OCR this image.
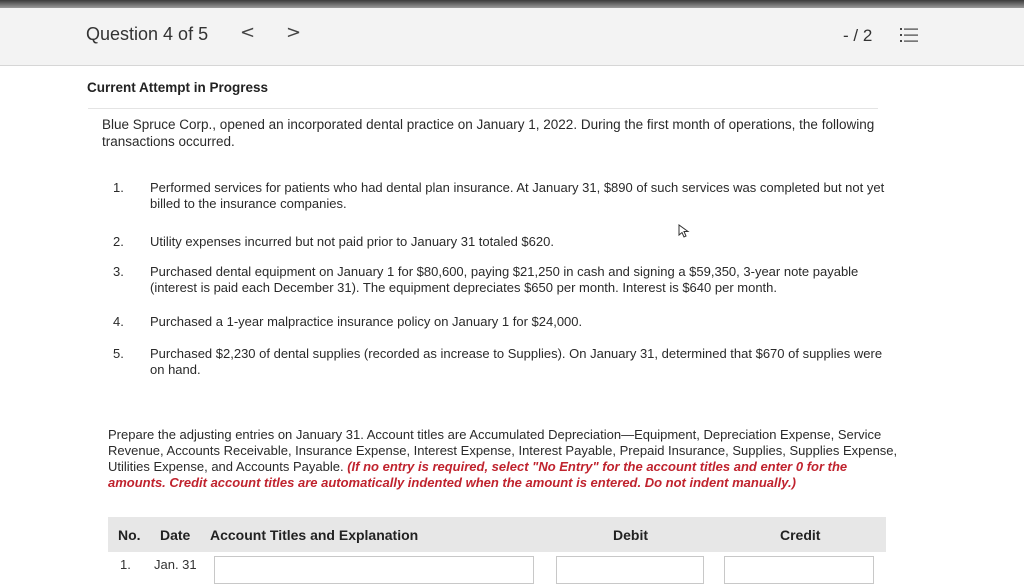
Question 4 of 5 < >	- / 2
Current Attempt in Progress
Blue Spruce Corp., opened an incorporated dental practice on January 1, 2022. During the first month of operations, the following transactions occurred.
1. Performed services for patients who had dental plan insurance. At January 31, $890 of such services was completed but not yet billed to the insurance companies.
2. Utility expenses incurred but not paid prior to January 31 totaled $620.
3. Purchased dental equipment on January 1 for $80,600, paying $21,250 in cash and signing a $59,350, 3-year note payable (interest is paid each December 31). The equipment depreciates $650 per month. Interest is $640 per month.
4. Purchased a 1-year malpractice insurance policy on January 1 for $24,000.
5. Purchased $2,230 of dental supplies (recorded as increase to Supplies). On January 31, determined that $670 of supplies were on hand.
Prepare the adjusting entries on January 31. Account titles are Accumulated Depreciation—Equipment, Depreciation Expense, Service Revenue, Accounts Receivable, Insurance Expense, Interest Expense, Interest Payable, Prepaid Insurance, Supplies, Supplies Expense, Utilities Expense, and Accounts Payable. (If no entry is required, select "No Entry" for the account titles and enter 0 for the amounts. Credit account titles are automatically indented when the amount is entered. Do not indent manually.)
No. Date Account Titles and Explanation	Debit	Credit
1. Jan. 31
